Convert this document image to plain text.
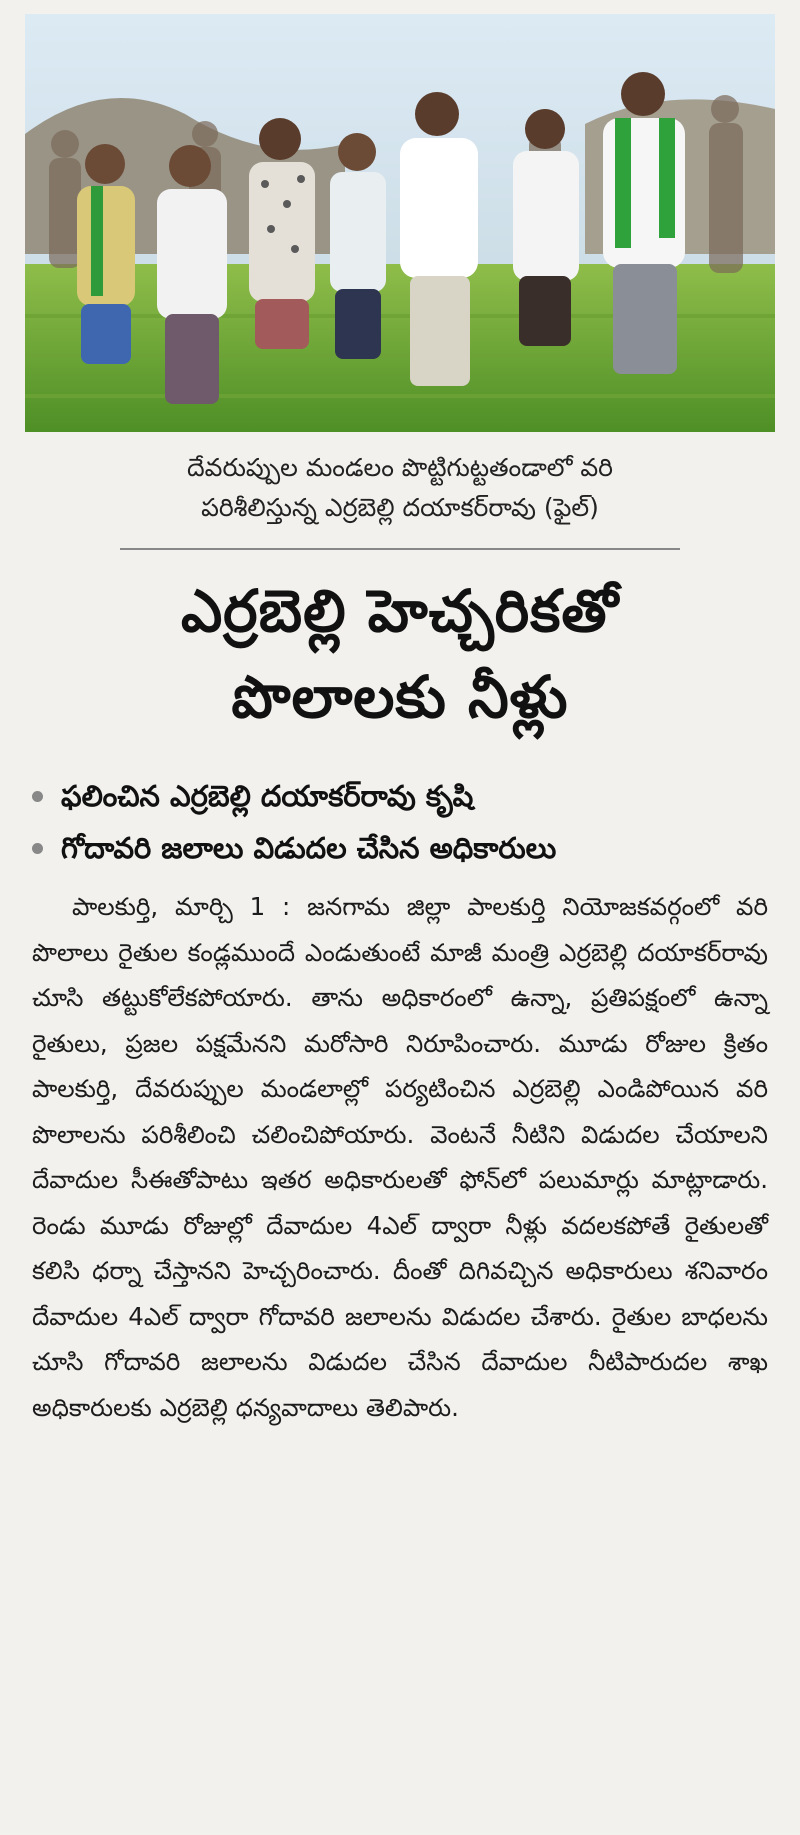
దేవరుప్పుల మండలం పొట్టిగుట్టతండాలో వరి
పరిశీలిస్తున్న ఎర్రబెల్లి దయాకర్‌రావు (ఫైల్‌)
ఎర్రబెల్లి హెచ్చరికతో
పొలాలకు నీళ్లు
ఫలించిన ఎర్రబెల్లి దయాకర్‌రావు కృషి
గోదావరి జలాలు విడుదల చేసిన అధికారులు
పాలకుర్తి, మార్చి 1 : జనగామ జిల్లా పాలకుర్తి నియోజకవర్గంలో వరి పొలాలు రైతుల కండ్లముందే ఎండుతుంటే మాజీ మంత్రి ఎర్రబెల్లి దయాకర్‌రావు చూసి తట్టుకోలేకపోయారు. తాను అధికారంలో ఉన్నా, ప్రతిపక్షంలో ఉన్నా రైతులు, ప్రజల పక్షమేనని మరోసారి నిరూపించారు. మూడు రోజుల క్రితం పాలకుర్తి, దేవరుప్పుల మండలాల్లో పర్యటించిన ఎర్రబెల్లి ఎండిపోయిన వరి పొలాలను పరిశీలించి చలించిపోయారు. వెంటనే నీటిని విడుదల చేయాలని దేవాదుల సీఈతోపాటు ఇతర అధికారులతో ఫోన్‌లో పలుమార్లు మాట్లాడారు. రెండు మూడు రోజుల్లో దేవాదుల 4ఎల్‌ ద్వారా నీళ్లు వదలకపోతే రైతులతో కలిసి ధర్నా చేస్తానని హెచ్చరించారు. దీంతో దిగివచ్చిన అధికారులు శనివారం దేవాదుల 4ఎల్‌ ద్వారా గోదావరి జలాలను విడుదల చేశారు. రైతుల బాధలను చూసి గోదావరి జలాలను విడుదల చేసిన దేవాదుల నీటిపారుదల శాఖ అధికారులకు ఎర్రబెల్లి ధన్యవాదాలు తెలిపారు.
